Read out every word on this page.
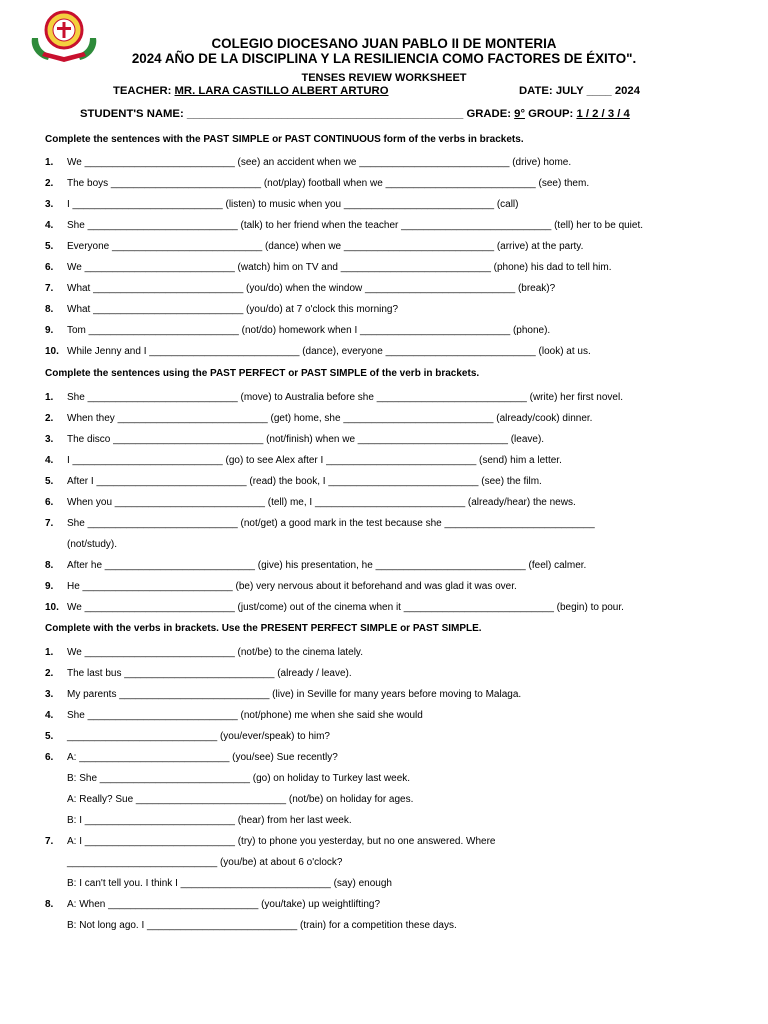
COLEGIO DIOCESANO JUAN PABLO II DE MONTERIA
2024 AÑO DE LA DISCIPLINA Y LA RESILIENCIA COMO FACTORES DE ÉXITO".
TENSES REVIEW WORKSHEET
TEACHER: MR. LARA CASTILLO ALBERT ARTURO	DATE: JULY ____ 2024
STUDENT'S NAME: ____________________________________________ GRADE: 9° GROUP: 1 / 2 / 3 / 4
Complete the sentences with the PAST SIMPLE or PAST CONTINUOUS form of the verbs in brackets.
1. We ___________________________ (see) an accident when we ___________________________ (drive) home.
2. The boys ___________________________ (not/play) football when we ___________________________ (see) them.
3. I ___________________________ (listen) to music when you ___________________________ (call)
4. She ___________________________ (talk) to her friend when the teacher ___________________________ (tell) her to be quiet.
5. Everyone ___________________________ (dance) when we ___________________________ (arrive) at the party.
6. We ___________________________ (watch) him on TV and ___________________________ (phone) his dad to tell him.
7. What ___________________________ (you/do) when the window ___________________________ (break)?
8. What ___________________________ (you/do) at 7 o'clock this morning?
9. Tom ___________________________ (not/do) homework when I ___________________________ (phone).
10. While Jenny and I ___________________________ (dance), everyone ___________________________ (look) at us.
Complete the sentences using the PAST PERFECT or PAST SIMPLE of the verb in brackets.
1. She ___________________________ (move) to Australia before she ___________________________ (write) her first novel.
2. When they ___________________________ (get) home, she ___________________________ (already/cook) dinner.
3. The disco ___________________________ (not/finish) when we ___________________________ (leave).
4. I ___________________________ (go) to see Alex after I ___________________________ (send) him a letter.
5. After I ___________________________ (read) the book, I ___________________________ (see) the film.
6. When you ___________________________ (tell) me, I ___________________________ (already/hear) the news.
7. She ___________________________ (not/get) a good mark in the test because she ___________________________
(not/study).
8. After he ___________________________ (give) his presentation, he ___________________________ (feel) calmer.
9. He ___________________________ (be) very nervous about it beforehand and was glad it was over.
10. We ___________________________ (just/come) out of the cinema when it ___________________________ (begin) to pour.
Complete with the verbs in brackets. Use the PRESENT PERFECT SIMPLE or PAST SIMPLE.
1. We ___________________________ (not/be) to the cinema lately.
2. The last bus ___________________________ (already / leave).
3. My parents ___________________________ (live) in Seville for many years before moving to Malaga.
4. She ___________________________ (not/phone) me when she said she would
5. ___________________________ (you/ever/speak) to him?
6. A: ___________________________ (you/see) Sue recently?
B: She ___________________________ (go) on holiday to Turkey last week.
A: Really? Sue ___________________________ (not/be) on holiday for ages.
B: I ___________________________ (hear) from her last week.
7. A: I ___________________________ (try) to phone you yesterday, but no one answered. Where
___________________________ (you/be) at about 6 o'clock?
B: I can't tell you. I think I ___________________________ (say) enough
8. A: When ___________________________ (you/take) up weightlifting?
B: Not long ago. I ___________________________ (train) for a competition these days.
